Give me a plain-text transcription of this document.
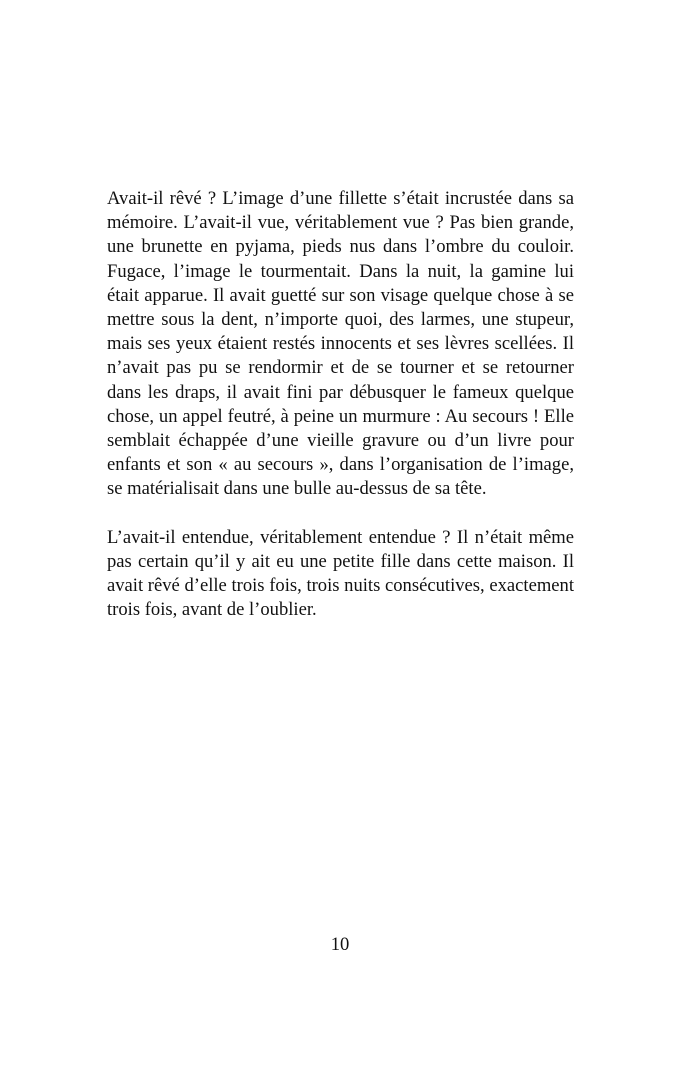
Avait-il rêvé ? L’image d’une fillette s’était incrustée dans sa mémoire. L’avait-il vue, véritablement vue ? Pas bien grande, une brunette en pyjama, pieds nus dans l’ombre du couloir. Fugace, l’image le tourmentait. Dans la nuit, la gamine lui était apparue. Il avait guetté sur son visage quelque chose à se mettre sous la dent, n’importe quoi, des larmes, une stupeur, mais ses yeux étaient restés innocents et ses lèvres scellées. Il n’avait pas pu se rendormir et de se tourner et se retourner dans les draps, il avait fini par débusquer le fameux quelque chose, un appel feutré, à peine un murmure : Au secours ! Elle semblait échappée d’une vieille gravure ou d’un livre pour enfants et son « au secours », dans l’organisation de l’image, se matérialisait dans une bulle au-dessus de sa tête.

L’avait-il entendue, véritablement entendue ? Il n’était même pas certain qu’il y ait eu une petite fille dans cette maison. Il avait rêvé d’elle trois fois, trois nuits consécutives, exactement trois fois, avant de l’oublier.

10
